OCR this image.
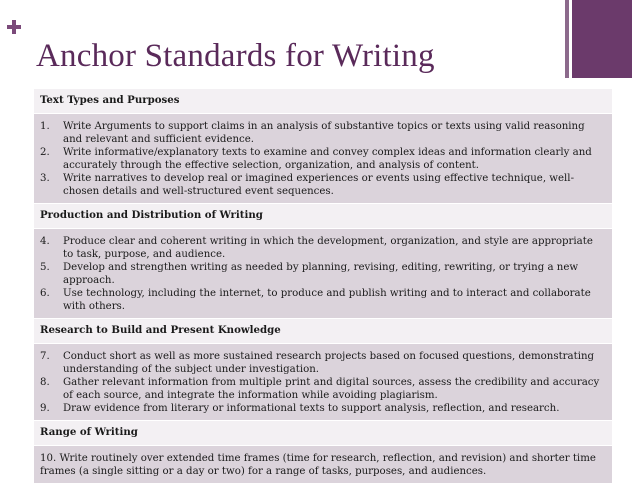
Anchor Standards for Writing
Text Types and Purposes
1.	Write Arguments to support claims in an analysis of substantive topics or texts using valid reasoning and relevant and sufficient evidence.
2.	Write informative/explanatory texts to examine and convey complex ideas and information clearly and accurately through the effective selection, organization, and analysis of content.
3.	Write narratives to develop real or imagined experiences or events using effective technique, well-chosen details and well-structured event sequences.
Production and Distribution of Writing
4.	Produce clear and coherent writing in which the development, organization, and style are appropriate to task, purpose, and audience.
5.	Develop and strengthen writing as needed by planning, revising, editing, rewriting, or trying a new approach.
6.	Use technology, including the internet, to produce and publish writing and to interact and collaborate with others.
Research to Build and Present Knowledge
7.	Conduct short as well as more sustained research projects based on focused questions, demonstrating understanding of the subject under investigation.
8.	Gather relevant information from multiple print and digital sources, assess the credibility and accuracy of each source, and integrate the information while avoiding plagiarism.
9.	Draw evidence from literary or informational texts to support analysis, reflection, and research.
Range of Writing
10. Write routinely over extended time frames (time for research, reflection, and revision) and shorter time frames (a single sitting or a day or two) for a range of tasks, purposes, and audiences.
